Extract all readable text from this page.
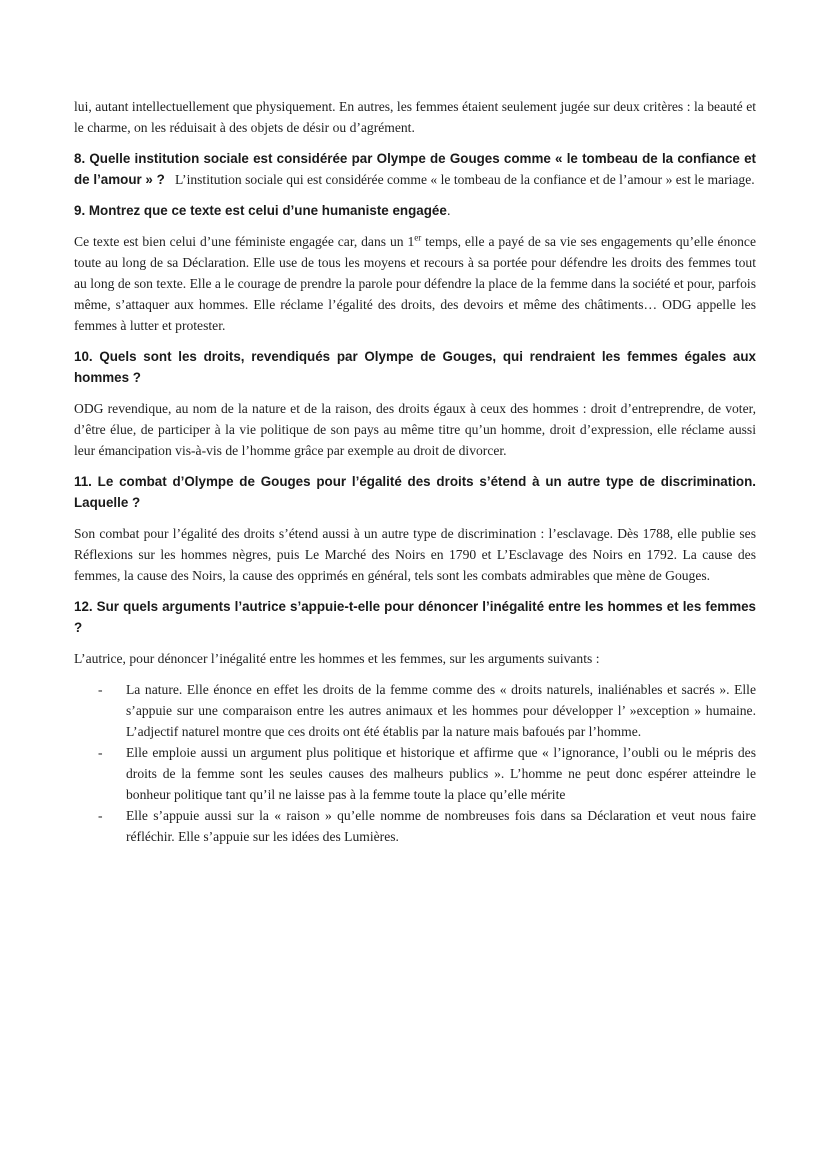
lui, autant intellectuellement que physiquement. En autres, les femmes étaient seulement jugée sur deux critères : la beauté et le charme, on les réduisait à des objets de désir ou d’agrément.

8. Quelle institution sociale est considérée par Olympe de Gouges comme « le tombeau de la confiance et de l’amour » ? L’institution sociale qui est considérée comme « le tombeau de la confiance et de l’amour » est le mariage.

9. Montrez que ce texte est celui d’une humaniste engagée.

Ce texte est bien celui d’une féministe engagée car, dans un 1er temps, elle a payé de sa vie ses engagements qu’elle énonce toute au long de sa Déclaration. Elle use de tous les moyens et recours à sa portée pour défendre les droits des femmes tout au long de son texte. Elle a le courage de prendre la parole pour défendre la place de la femme dans la société et pour, parfois même, s’attaquer aux hommes. Elle réclame l’égalité des droits, des devoirs et même des châtiments… ODG appelle les femmes à lutter et protester.

10. Quels sont les droits, revendiqués par Olympe de Gouges, qui rendraient les femmes égales aux hommes ?

ODG revendique, au nom de la nature et de la raison, des droits égaux à ceux des hommes : droit d’entreprendre, de voter, d’être élue, de participer à la vie politique de son pays au même titre qu’un homme, droit d’expression, elle réclame aussi leur émancipation vis-à-vis de l’homme grâce par exemple au droit de divorcer.

11. Le combat d’Olympe de Gouges pour l’égalité des droits s’étend à un autre type de discrimination. Laquelle ?

Son combat pour l’égalité des droits s’étend aussi à un autre type de discrimination : l’esclavage. Dès 1788, elle publie ses Réflexions sur les hommes nègres, puis Le Marché des Noirs en 1790 et L’Esclavage des Noirs en 1792. La cause des femmes, la cause des Noirs, la cause des opprimés en général, tels sont les combats admirables que mène de Gouges.

12. Sur quels arguments l’autrice s’appuie-t-elle pour dénoncer l’inégalité entre les hommes et les femmes ?

L’autrice, pour dénoncer l’inégalité entre les hommes et les femmes, sur les arguments suivants :

- La nature. Elle énonce en effet les droits de la femme comme des « droits naturels, inaliénables et sacrés ». Elle s’appuie sur une comparaison entre les autres animaux et les hommes pour développer l’ »exception » humaine. L’adjectif naturel montre que ces droits ont été établis par la nature mais bafoués par l’homme.
- Elle emploie aussi un argument plus politique et historique et affirme que « l’ignorance, l’oubli ou le mépris des droits de la femme sont les seules causes des malheurs publics ». L’homme ne peut donc espérer atteindre le bonheur politique tant qu’il ne laisse pas à la femme toute la place qu’elle mérite
- Elle s’appuie aussi sur la « raison » qu’elle nomme de nombreuses fois dans sa Déclaration et veut nous faire réfléchir. Elle s’appuie sur les idées des Lumières.
